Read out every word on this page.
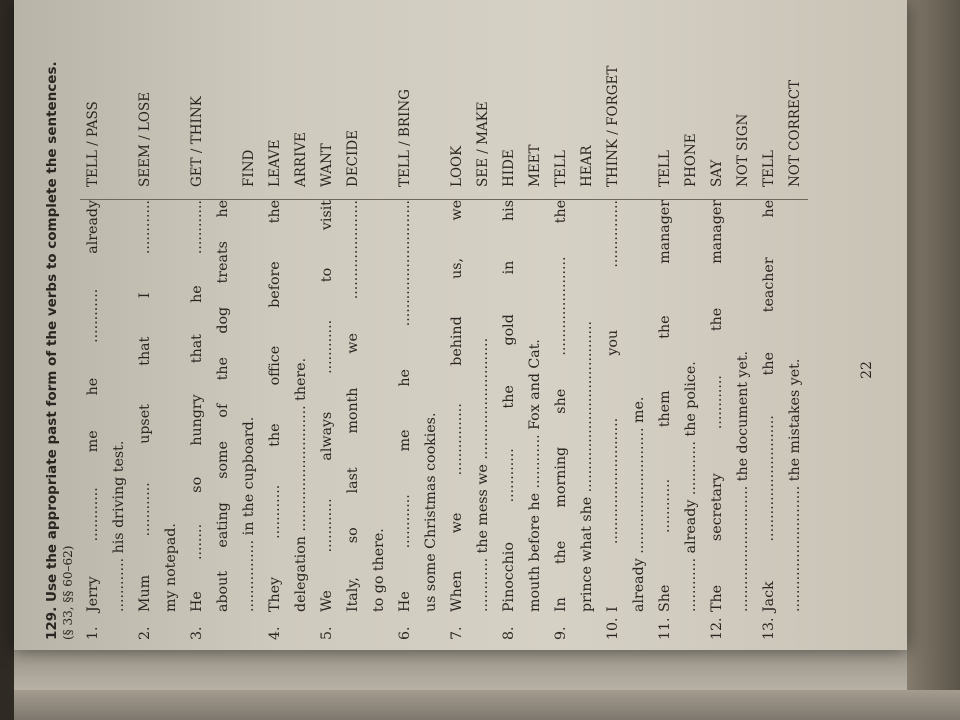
129. Use the appropriate past form of the verbs to complete the sentences. (§ 33, §§ 60–62) 1.

Jerry ............ me he ............ already ............ his driving test.

TELL / PASS
2.

Mum ............ upset that I ............ my notepad.

SEEM / LOSE
3.

He ........ so hungry that he ............ about eating some of the dog treats he ................ in the cupboard.

GET / THINK	FIND
4.

They ............ the office before the delegation ............................ there.

LEAVE ARRIVE
5.

We ............ always ............ to visit Italy, so last month we ...................... to go there.

WANT DECIDE
6.

He ............ me he ............................ us some Christmas cookies.

TELL / BRING
7.

When we ................ behind us, we ............ the mess we ...........................

LOOK SEE / MAKE
8.

Pinocchio ............ the gold in his mouth before he ............ Fox and Cat.

HIDE MEET
9.

In the morning she ...................... the prince what she ......................................

TELL HEAR
10.

I ............................ you ............... already ............................ me.

THINK / FORGET
11.

She ............ them the manager ............ already ............ the police.

TELL PHONE
12.

The secretary ............ the manager ............................ the document yet.

SAY NOT SIGN
13.

Jack ............................ the teacher he ............................ the mistakes yet.

TELL NOT CORRECT
22
